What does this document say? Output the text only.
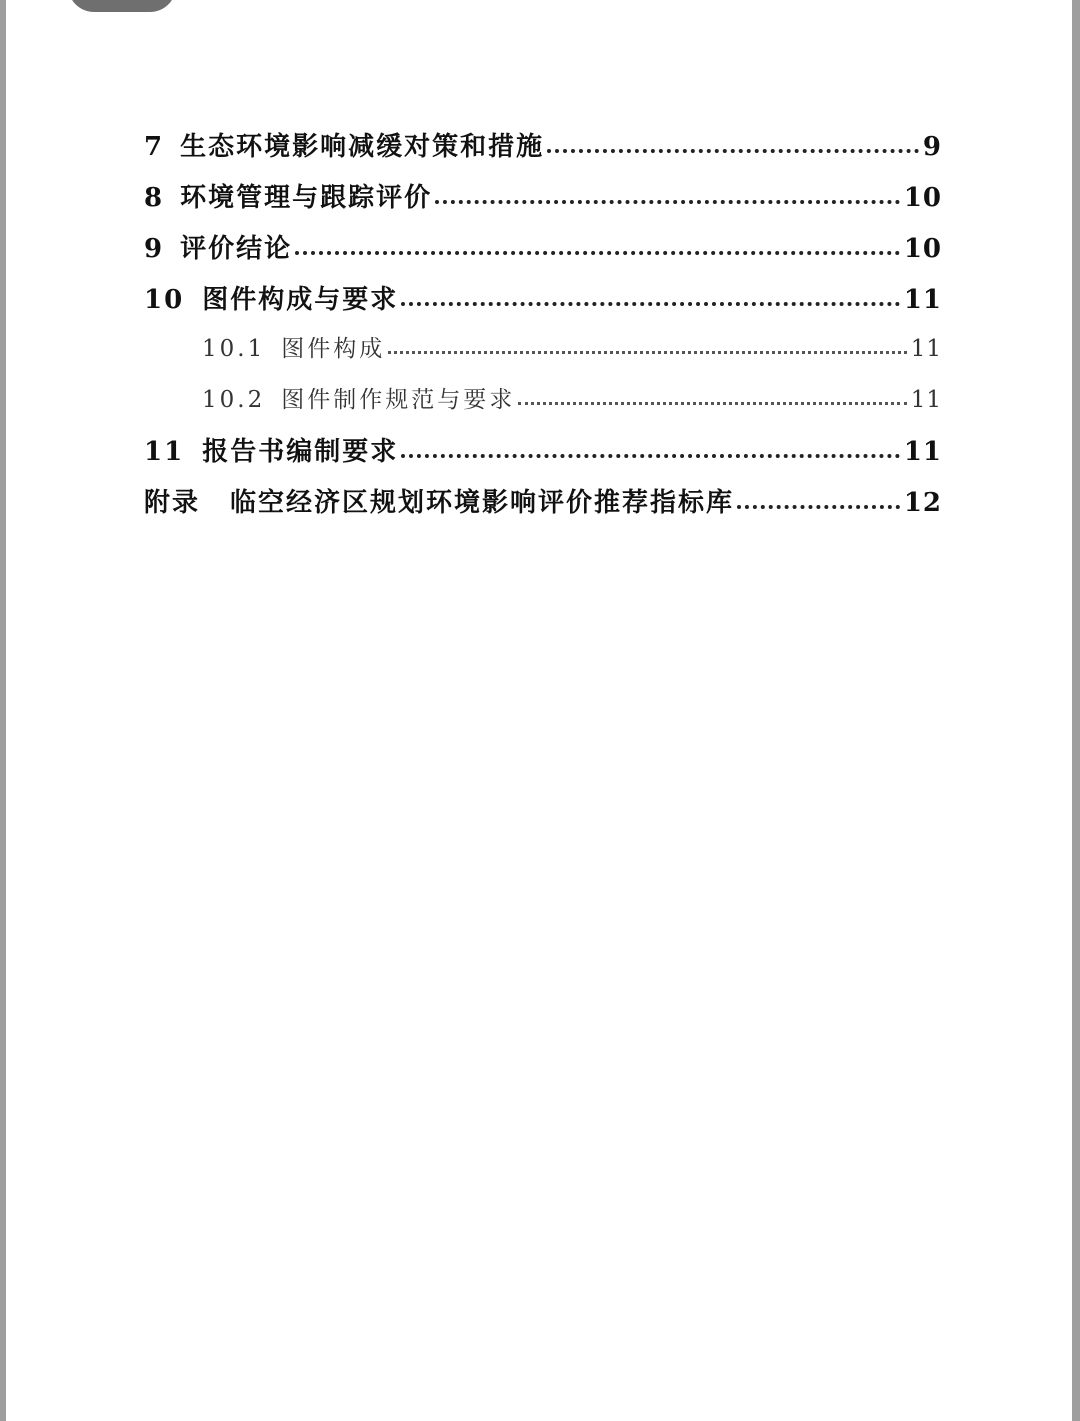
7 生态环境影响减缓对策和措施	9
8 环境管理与跟踪评价	10
9 评价结论	10
10 图件构成与要求	11
10.1 图件构成	11
10.2 图件制作规范与要求	11
11 报告书编制要求	11
附录 临空经济区规划环境影响评价推荐指标库	12
